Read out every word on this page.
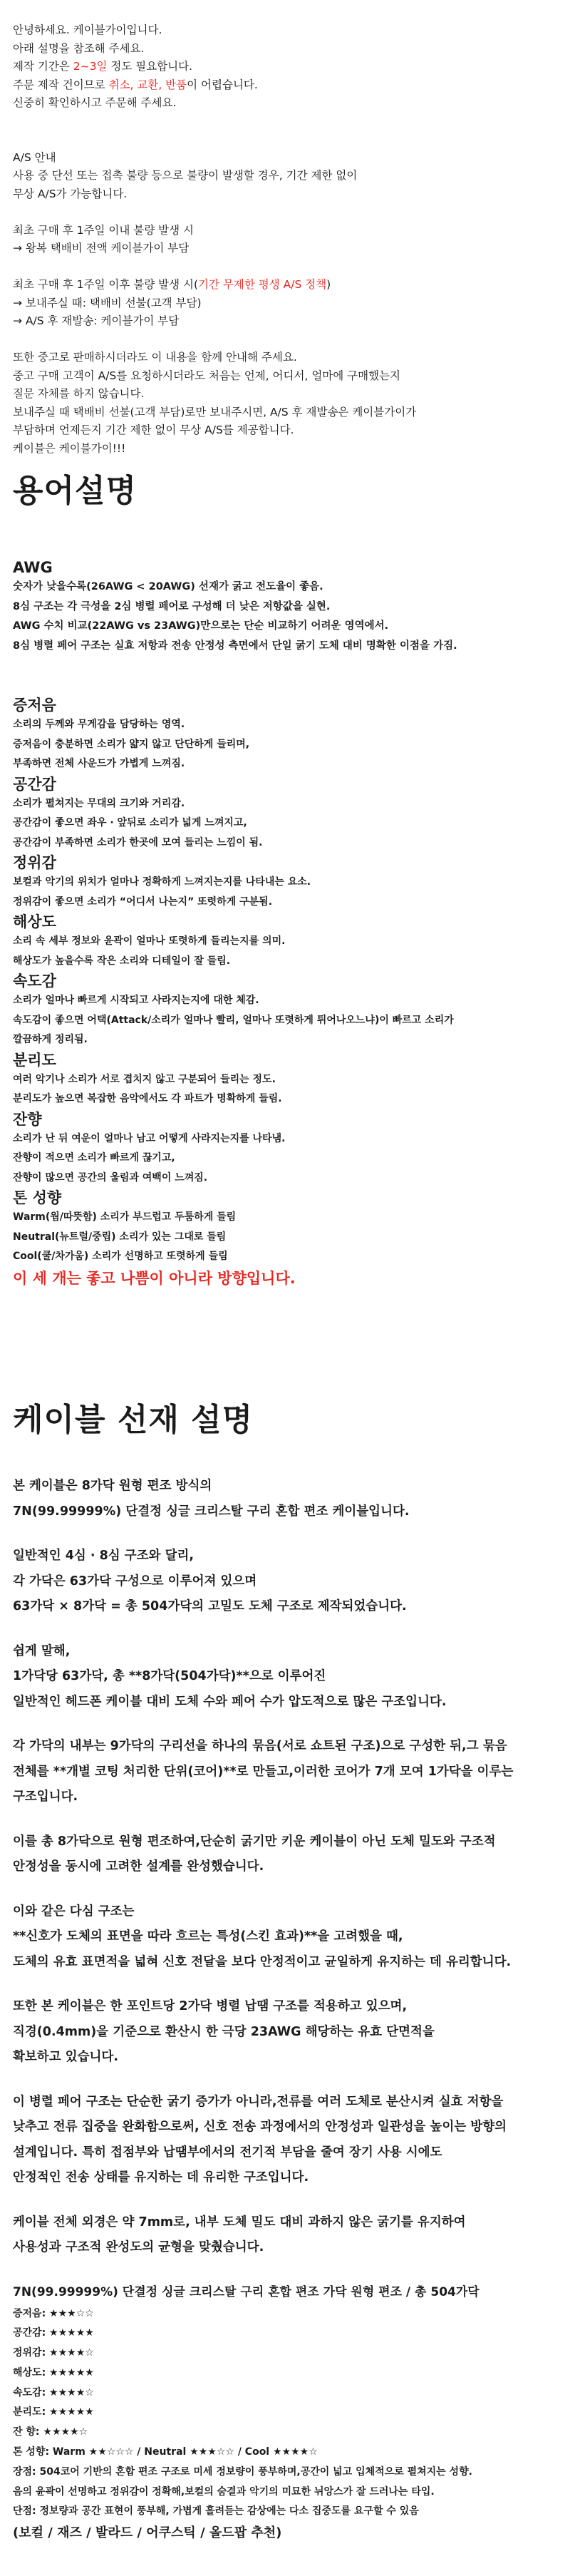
안녕하세요. 케이블가이입니다.

아래 설명을 참조해 주세요.

제작 기간은 2~3일 정도 필요합니다.

주문 제작 건이므로 취소, 교환, 반품이 어렵습니다.

신중히 확인하시고 주문해 주세요.

A/S 안내

사용 중 단선 또는 접촉 불량 등으로 불량이 발생할 경우, 기간 제한 없이

무상 A/S가 가능합니다.

최초 구매 후 1주일 이내 불량 발생 시

→ 왕복 택배비 전액 케이블가이 부담

최초 구매 후 1주일 이후 불량 발생 시(기간 무제한 평생 A/S 정책)

→ 보내주실 때: 택배비 선불(고객 부담)

→ A/S 후 재발송: 케이블가이 부담

또한 중고로 판매하시더라도 이 내용을 함께 안내해 주세요.

중고 구매 고객이 A/S를 요청하시더라도 처음는 언제, 어디서, 얼마에 구매했는지

질문 자체를 하지 않습니다.

보내주실 때 택배비 선불(고객 부담)로만 보내주시면, A/S 후 재발송은 케이블가이가

부담하며 언제든지 기간 제한 없이 무상 A/S를 제공합니다.

케이블은 케이블가이!!!

용어설명

AWG

숫자가 낮을수록(26AWG < 20AWG) 선재가 굵고 전도율이 좋음.

8심 구조는 각 극성을 2심 병렬 페어로 구성해 더 낮은 저항값을 실현.

AWG 수치 비교(22AWG vs 23AWG)만으로는 단순 비교하기 어려운 영역에서.

8심 병렬 페어 구조는 실효 저항과 전송 안정성 측면에서 단일 굵기 도체 대비 명확한 이점을 가짐.

증저음

소리의 두께와 무게감을 담당하는 영역.

증저음이 충분하면 소리가 얇지 않고 단단하게 들리며,

부족하면 전체 사운드가 가볍게 느껴짐.

공간감

소리가 펼쳐지는 무대의 크기와 거리감.

공간감이 좋으면 좌우 · 앞뒤로 소리가 넓게 느껴지고,

공간감이 부족하면 소리가 한곳에 모여 들리는 느낌이 됨.

정위감

보컬과 악기의 위치가 얼마나 정확하게 느껴지는지를 나타내는 요소.

정위감이 좋으면 소리가 “어디서 나는지” 또렷하게 구분됨.

해상도

소리 속 세부 정보와 윤곽이 얼마나 또렷하게 들리는지를 의미.

해상도가 높을수록 작은 소리와 디테일이 잘 들림.

속도감

소리가 얼마나 빠르게 시작되고 사라지는지에 대한 체감.

속도감이 좋으면 어택(Attack/소리가 얼마나 빨리, 얼마나 또렷하게 튀어나오느냐)이 빠르고 소리가

깔끔하게 정리됨.

분리도

여러 악기나 소리가 서로 겹치지 않고 구분되어 들리는 정도.

분리도가 높으면 복잡한 음악에서도 각 파트가 명확하게 들림.

잔향

소리가 난 뒤 여운이 얼마나 남고 어떻게 사라지는지를 나타냄.

잔향이 적으면 소리가 빠르게 끊기고,

잔향이 많으면 공간의 울림과 여백이 느껴짐.

톤 성향

Warm(웜/따뜻함) 소리가 부드럽고 두툼하게 들림

Neutral(뉴트럴/중립) 소리가 있는 그대로 들림

Cool(쿨/차가움) 소리가 선명하고 또렷하게 들림

이 세 개는 좋고 나쁨이 아니라 방향입니다.

케이블 선재 설명

본 케이블은 8가닥 원형 편조 방식의

7N(99.99999%) 단결정 싱글 크리스탈 구리 혼합 편조 케이블입니다.

일반적인 4심 · 8심 구조와 달리,

각 가닥은 63가닥 구성으로 이루어져 있으며

63가닥 × 8가닥 = 총 504가닥의 고밀도 도체 구조로 제작되었습니다.

쉽게 말해,

1가닥당 63가닥, 총 **8가닥(504가닥)**으로 이루어진

일반적인 헤드폰 케이블 대비 도체 수와 페어 수가 압도적으로 많은 구조입니다.

각 가닥의 내부는 9가닥의 구리선을 하나의 묶음(서로 쇼트된 구조)으로 구성한 뒤,그 묶음

전체를 **개별 코팅 처리한 단위(코어)**로 만들고,이러한 코어가 7개 모여 1가닥을 이루는

구조입니다.

이를 총 8가닥으로 원형 편조하여,단순히 굵기만 키운 케이블이 아닌 도체 밀도와 구조적

안정성을 동시에 고려한 설계를 완성했습니다.

이와 같은 다심 구조는

**신호가 도체의 표면을 따라 흐르는 특성(스킨 효과)**을 고려했을 때,

도체의 유효 표면적을 넓혀 신호 전달을 보다 안정적이고 균일하게 유지하는 데 유리합니다.

또한 본 케이블은 한 포인트당 2가닥 병렬 납땜 구조를 적용하고 있으며,

직경(0.4mm)을 기준으로 환산시 한 극당 23AWG 해당하는 유효 단면적을

확보하고 있습니다.

이 병렬 페어 구조는 단순한 굵기 증가가 아니라,전류를 여러 도체로 분산시켜 실효 저항을

낮추고 전류 집중을 완화함으로써, 신호 전송 과정에서의 안정성과 일관성을 높이는 방향의

설계입니다. 특히 접점부와 납땜부에서의 전기적 부담을 줄여 장기 사용 시에도

안정적인 전송 상태를 유지하는 데 유리한 구조입니다.

케이블 전체 외경은 약 7mm로, 내부 도체 밀도 대비 과하지 않은 굵기를 유지하여

사용성과 구조적 완성도의 균형을 맞췄습니다.

7N(99.99999%) 단결정 싱글 크리스탈 구리 혼합 편조 가닥 원형 편조 / 총 504가닥

증저음: ★★★☆☆

공간감: ★★★★★

정위감: ★★★★☆

해상도: ★★★★★

속도감: ★★★★☆

분리도: ★★★★★

잔 향: ★★★★☆

톤 성향: Warm ★★☆☆☆ / Neutral ★★★☆☆ / Cool ★★★★☆

장점: 504코어 기반의 혼합 편조 구조로 미세 정보량이 풍부하며,공간이 넓고 입체적으로 펼쳐지는 성향.

음의 윤곽이 선명하고 정위감이 정확해,보컬의 숨결과 악기의 미묘한 뉘앙스가 잘 드러나는 타입.

단점: 정보량과 공간 표현이 풍부해, 가볍게 흘려듣는 감상에는 다소 집중도를 요구할 수 있음

(보컬 / 재즈 / 발라드 / 어쿠스틱 / 올드팝 추천)
